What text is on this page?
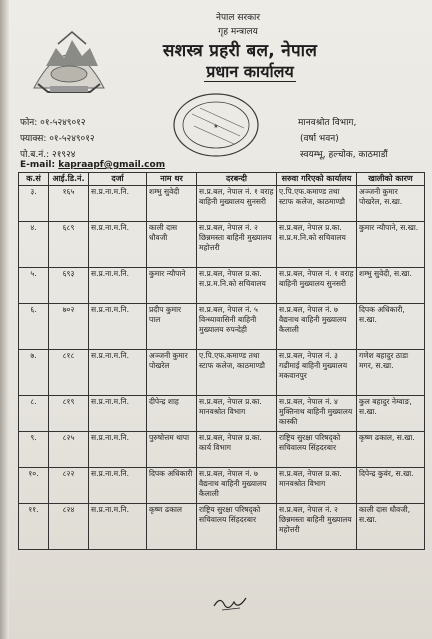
नेपाल सरकार
गृह मन्त्रालय
सशस्त्र प्रहरी बल, नेपाल
प्रधान कार्यालय
फोन: ०१-५२४९०१२
फ्याक्स: ०१-५२४९०१२
पो.ब.नं.: २१९२४
मानवश्रोत विभाग,
(वर्षा भवन)
स्वयम्भू, हल्चोक, काठमाडौं
★
E-mail: kapraapf@gmail.com
क.सं	आई.डि.नं.	दर्जा	नाम थर	दरबन्दी	सरुवा गरिएको कार्यालय	खालीको कारण
३.	१६५	स.प्र.ना.म.नि.	शम्भु सुवेदी	स.प्र.बल, नेपाल नं. १ वराह बाहिनी मुख्यालय सुनसरी	ए.पि.एफ.कमाण्ड तथा स्टाफ कलेज, काठमाण्डौ	अञ्जनी कुमार पोखरेल, स.खा.
४.	६८९	स.प्र.ना.म.नि.	काली दास धौवजी	स.प्र.बल, नेपाल नं. २ छिन्नमस्ता बाहिनी मुख्यालय महोत्तरी	स.प्र.बल, नेपाल प्र.का. स.प्र.म.नि.को सचिवालय	कुमार न्यौपाने, स.खा.
५.	६९३	स.प्र.ना.म.नि.	कुमार न्यौपाने	स.प्र.बल, नेपाल प्र.का. स.प्र.म.नि.को सचिवालय	स.प्र.बल, नेपाल नं. १ वराह बाहिनी मुख्यालय सुनसरी	शम्भु सुवेदी, स.खा.
६.	७०२	स.प्र.ना.म.नि.	प्रदीप कुमार पाल	स.प्र.बल, नेपाल नं. ५ विन्ध्यावासिनी बाहिनी मुख्यालय रुपन्देही	स.प्र.बल, नेपाल नं. ७ वैद्यनाथ बाहिनी मुख्यालय कैलाली	दिपक अधिकारी, स.खा.
७.	८१८	स.प्र.ना.म.नि.	अञ्जनी कुमार पोखरेल	ए.पि.एफ.कमाण्ड तथा स्टाफ कलेज, काठमाण्डौ	स.प्र.बल, नेपाल नं. ३ गढीमाई बाहिनी मुख्यालय मकवानपुर	गणेश बहादुर ठाडा मगर, स.खा.
८.	८१९	स.प्र.ना.म.नि.	दीपेन्द्र शाह	स.प्र.बल, नेपाल प्र.का. मानवश्रोत विभाग	स.प्र.बल, नेपाल नं. ४ मुक्तिनाथ बाहिनी मुख्यालय कास्की	कुल बहादुर नेम्वाङ, स.खा.
९.	८२५	स.प्र.ना.म.नि.	पुरुषोत्तम थापा	स.प्र.बल, नेपाल प्र.का. कार्य विभाग	राष्ट्रिय सुरक्षा परिषद्को सचिवालय सिंहदरबार	कृष्ण ढकाल, स.खा.
१०.	८२२	स.प्र.ना.म.नि.	दिपक अधिकारी	स.प्र.बल, नेपाल नं. ७ वैद्यनाथ बाहिनी मुख्यालय कैलाली	स.प्र.बल, नेपाल प्र.का. मानवश्रोत विभाग	दिपेन्द्र कुवंर, स.खा.
११.	८२४	स.प्र.ना.म.नि.	कृष्ण ढकाल	राष्ट्रिय सुरक्षा परिषद्को सचिवालय सिंहदरबार	स.प्र.बल, नेपाल नं. २ छिन्नमस्ता बाहिनी मुख्यालय महोत्तरी	काली दास धौवजी, स.खा.
